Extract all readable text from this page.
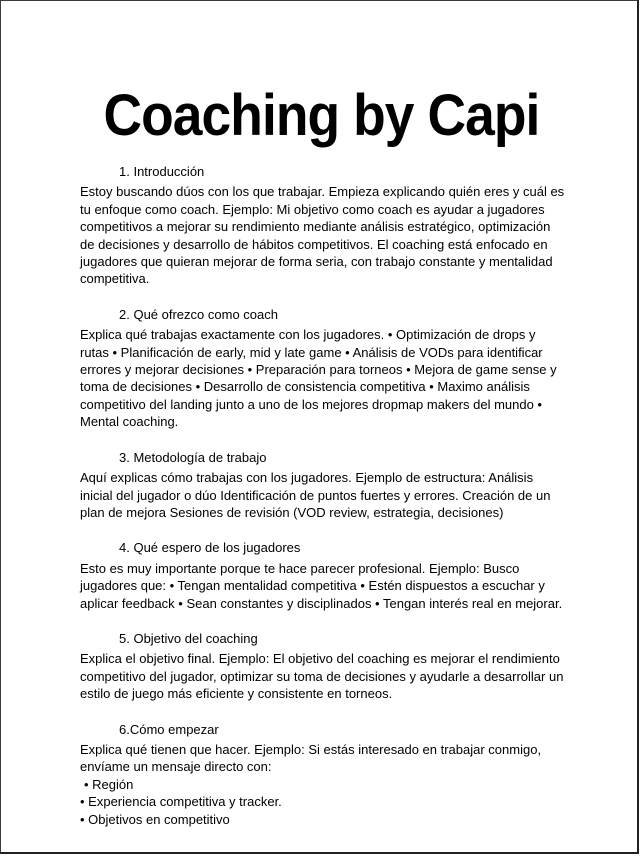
Coaching by Capi

1. Introducción

Estoy buscando dúos con los que trabajar. Empieza explicando quién eres y cuál es tu enfoque como coach. Ejemplo: Mi objetivo como coach es ayudar a jugadores competitivos a mejorar su rendimiento mediante análisis estratégico, optimización de decisiones y desarrollo de hábitos competitivos. El coaching está enfocado en jugadores que quieran mejorar de forma seria, con trabajo constante y mentalidad competitiva.

2. Qué ofrezco como coach

Explica qué trabajas exactamente con los jugadores. • Optimización de drops y rutas • Planificación de early, mid y late game • Análisis de VODs para identificar errores y mejorar decisiones • Preparación para torneos • Mejora de game sense y toma de decisiones • Desarrollo de consistencia competitiva • Maximo análisis competitivo del landing junto a uno de los mejores dropmap makers del mundo • Mental coaching.

3. Metodología de trabajo

Aquí explicas cómo trabajas con los jugadores. Ejemplo de estructura: Análisis inicial del jugador o dúo Identificación de puntos fuertes y errores. Creación de un plan de mejora Sesiones de revisión (VOD review, estrategia, decisiones)

4. Qué espero de los jugadores

Esto es muy importante porque te hace parecer profesional. Ejemplo: Busco jugadores que: • Tengan mentalidad competitiva • Estén dispuestos a escuchar y aplicar feedback • Sean constantes y disciplinados • Tengan interés real en mejorar.

5. Objetivo del coaching

Explica el objetivo final. Ejemplo: El objetivo del coaching es mejorar el rendimiento competitivo del jugador, optimizar su toma de decisiones y ayudarle a desarrollar un estilo de juego más eficiente y consistente en torneos.

6.Cómo empezar

Explica qué tienen que hacer. Ejemplo: Si estás interesado en trabajar conmigo, envíame un mensaje directo con:

• Región
• Experiencia competitiva y tracker.
• Objetivos en competitivo
